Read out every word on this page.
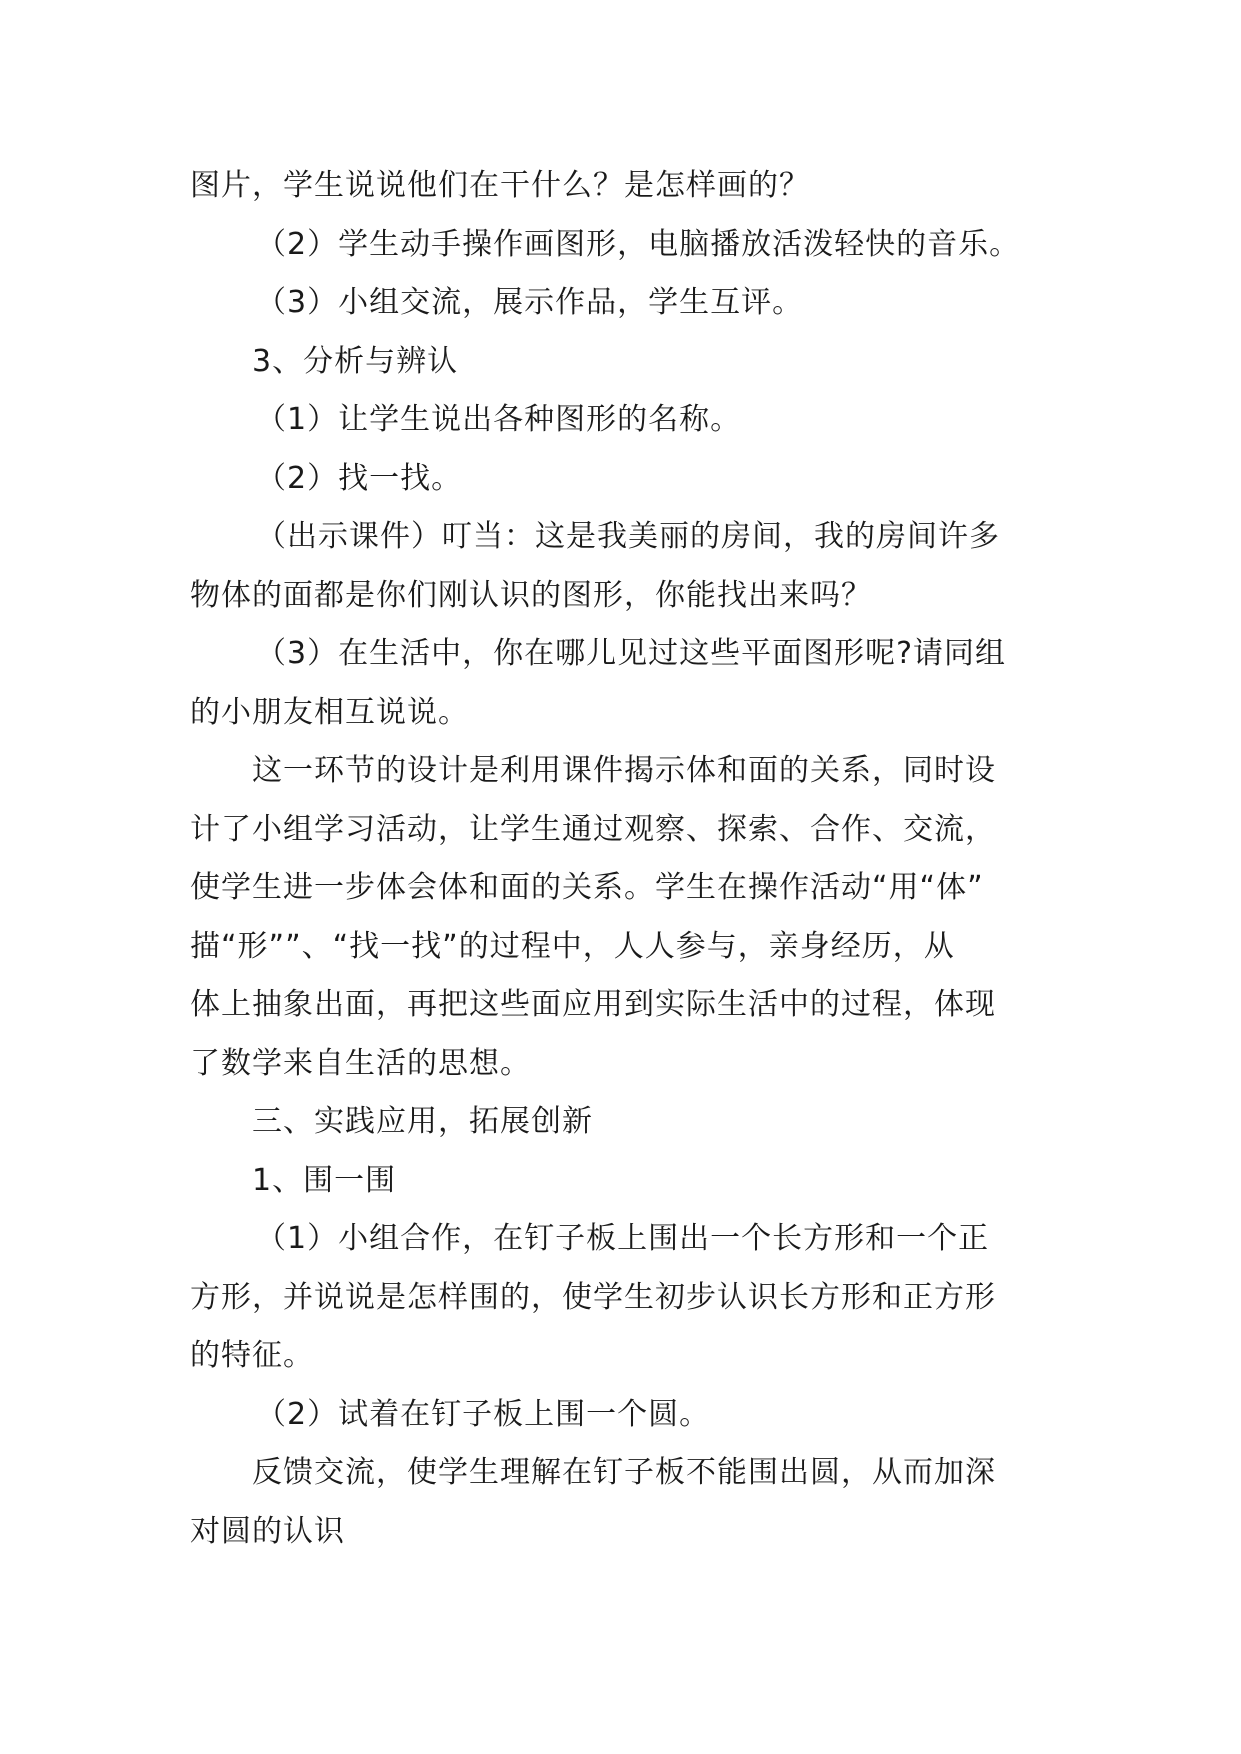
图片，学生说说他们在干什么？是怎样画的？
（2）学生动手操作画图形，电脑播放活泼轻快的音乐。
（3）小组交流，展示作品，学生互评。
3、分析与辨认
（1）让学生说出各种图形的名称。
（2）找一找。
（出示课件）叮当：这是我美丽的房间，我的房间许多
物体的面都是你们刚认识的图形，你能找出来吗？
（3）在生活中，你在哪儿见过这些平面图形呢?请同组
的小朋友相互说说。
这一环节的设计是利用课件揭示体和面的关系，同时设
计了小组学习活动，让学生通过观察、探索、合作、交流，
使学生进一步体会体和面的关系。学生在操作活动“用“体”
描“形””、“找一找”的过程中，人人参与，亲身经历，从
体上抽象出面，再把这些面应用到实际生活中的过程，体现
了数学来自生活的思想。
三、实践应用，拓展创新
1、围一围
（1）小组合作，在钉子板上围出一个长方形和一个正
方形，并说说是怎样围的，使学生初步认识长方形和正方形
的特征。
（2）试着在钉子板上围一个圆。
反馈交流，使学生理解在钉子板不能围出圆，从而加深
对圆的认识
